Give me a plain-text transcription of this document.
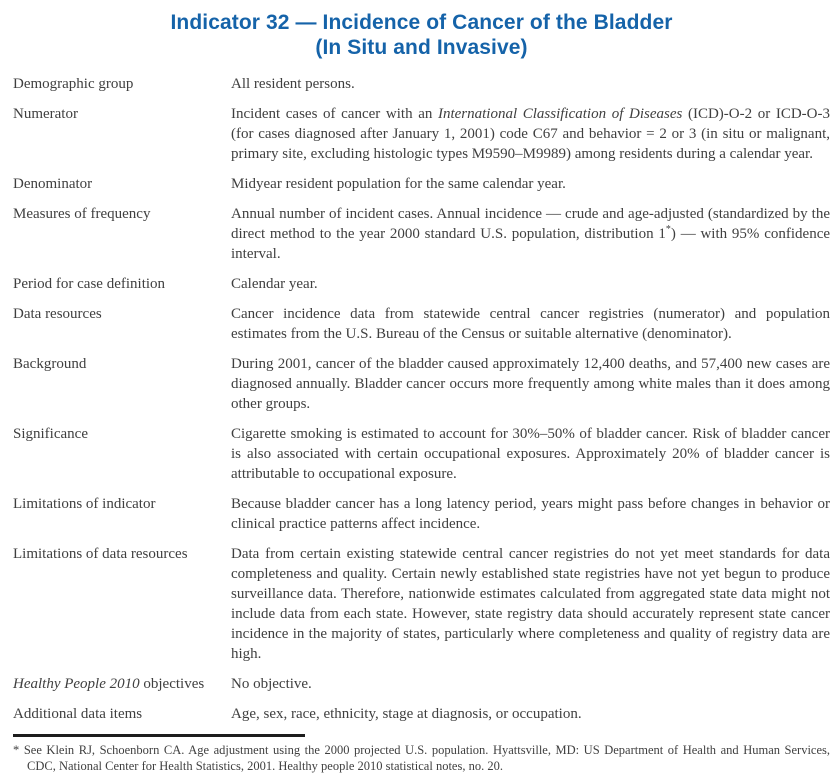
Indicator 32 — Incidence of Cancer of the Bladder
(In Situ and Invasive)
Demographic group	All resident persons.
Numerator	Incident cases of cancer with an International Classification of Diseases (ICD)-O-2 or ICD-O-3 (for cases diagnosed after January 1, 2001) code C67 and behavior = 2 or 3 (in situ or malignant, primary site, excluding histologic types M9590–M9989) among residents during a calendar year.
Denominator	Midyear resident population for the same calendar year.
Measures of frequency	Annual number of incident cases. Annual incidence — crude and age-adjusted (standardized by the direct method to the year 2000 standard U.S. population, distribution 1*) — with 95% confidence interval.
Period for case definition	Calendar year.
Data resources	Cancer incidence data from statewide central cancer registries (numerator) and population estimates from the U.S. Bureau of the Census or suitable alternative (denominator).
Background	During 2001, cancer of the bladder caused approximately 12,400 deaths, and 57,400 new cases are diagnosed annually. Bladder cancer occurs more frequently among white males than it does among other groups.
Significance	Cigarette smoking is estimated to account for 30%–50% of bladder cancer. Risk of bladder cancer is also associated with certain occupational exposures. Approximately 20% of bladder cancer is attributable to occupational exposure.
Limitations of indicator	Because bladder cancer has a long latency period, years might pass before changes in behavior or clinical practice patterns affect incidence.
Limitations of data resources	Data from certain existing statewide central cancer registries do not yet meet standards for data completeness and quality. Certain newly established state registries have not yet begun to produce surveillance data. Therefore, nationwide estimates calculated from aggregated state data might not include data from each state. However, state registry data should accurately represent state cancer incidence in the majority of states, particularly where completeness and quality of registry data are high.
Healthy People 2010 objectives	No objective.
Additional data items	Age, sex, race, ethnicity, stage at diagnosis, or occupation.
* See Klein RJ, Schoenborn CA. Age adjustment using the 2000 projected U.S. population. Hyattsville, MD: US Department of Health and Human Services, CDC, National Center for Health Statistics, 2001. Healthy people 2010 statistical notes, no. 20.
